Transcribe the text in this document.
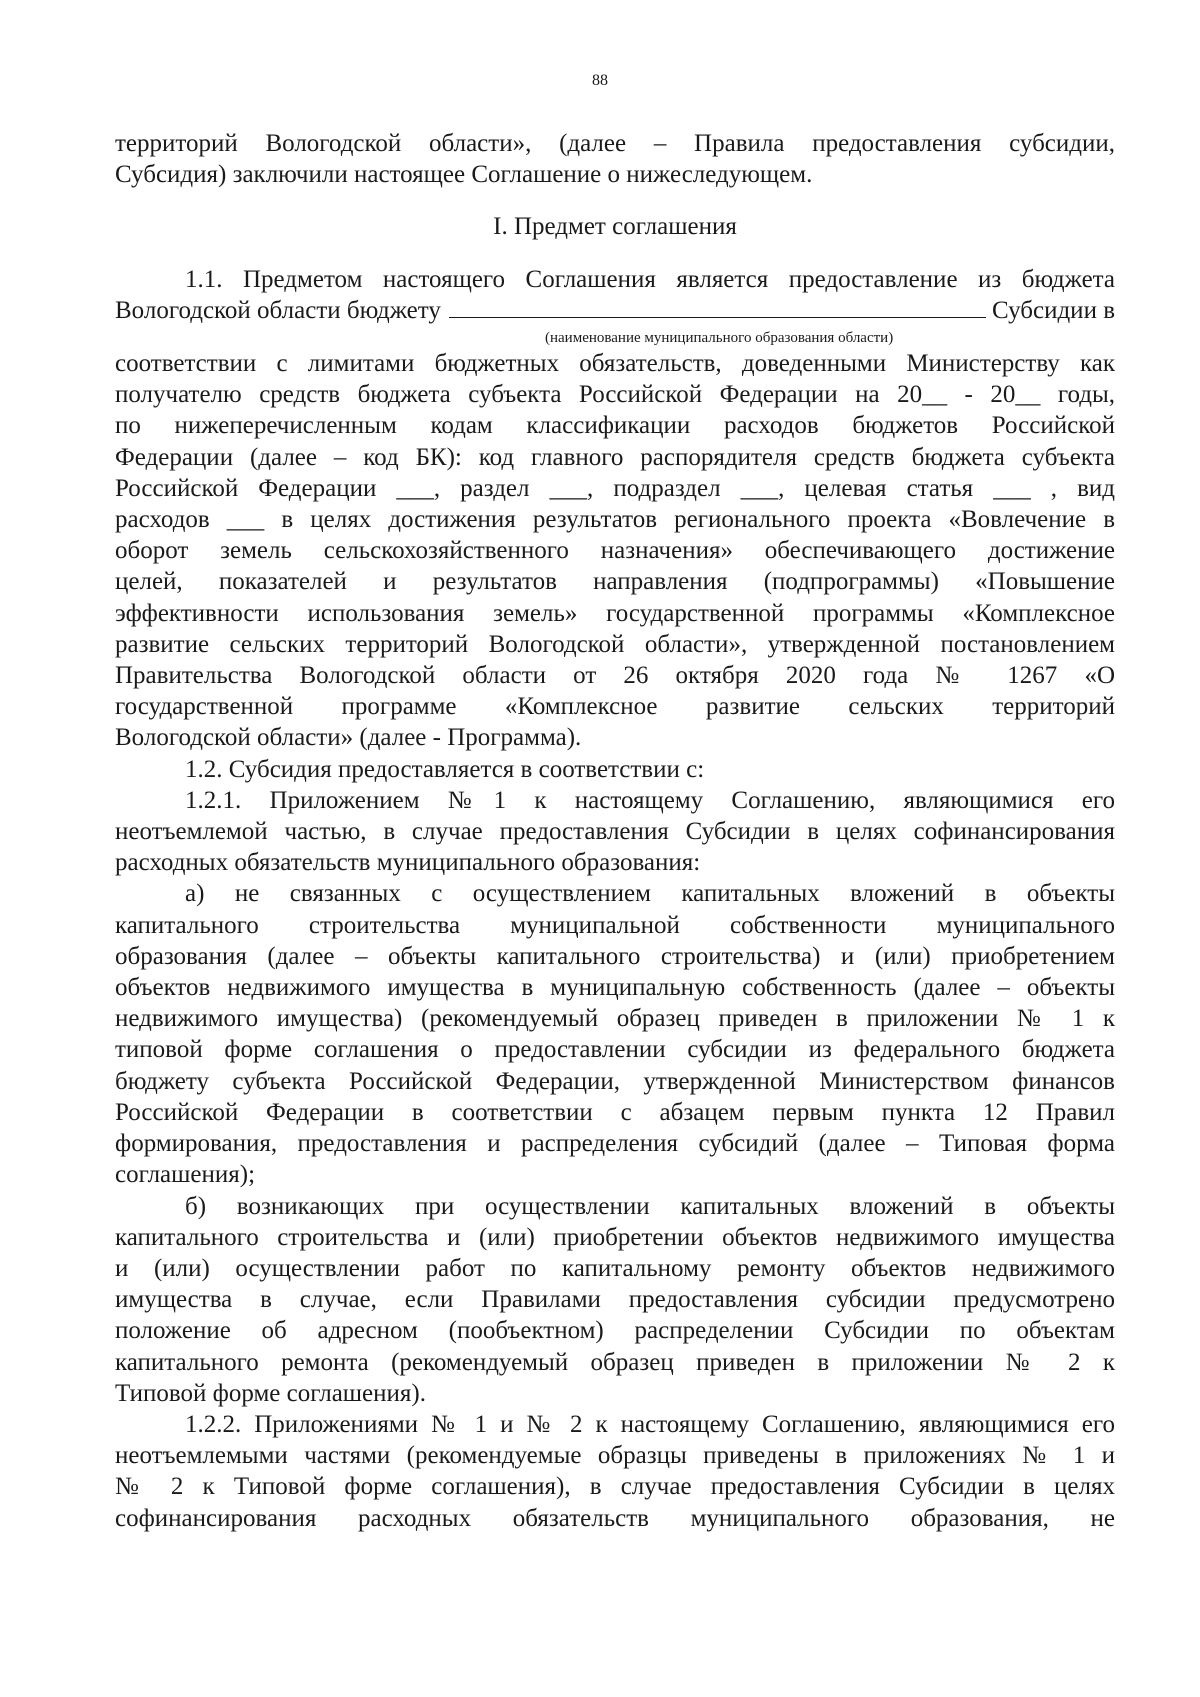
88

территорий Вологодской области», (далее – Правила предоставления субсидии,

Субсидия) заключили настоящее Соглашение о нижеследующем.

I. Предмет соглашения

1.1. Предметом настоящего Соглашения является предоставление из бюджета

Вологодской области бюджету	Субсидии в

(наименование муниципального образования области)

соответствии с лимитами бюджетных обязательств, доведенными Министерству как

получателю средств бюджета субъекта Российской Федерации на 20__ - 20__ годы,

по нижеперечисленным кодам классификации расходов бюджетов Российской

Федерации (далее – код БК): код главного распорядителя средств бюджета субъекта

Российской Федерации ___, раздел ___, подраздел ___, целевая статья ___ , вид

расходов ___ в целях достижения результатов регионального проекта «Вовлечение в

оборот земель сельскохозяйственного назначения» обеспечивающего достижение

целей, показателей и результатов направления (подпрограммы) «Повышение

эффективности использования земель» государственной программы «Комплексное

развитие сельских территорий Вологодской области», утвержденной постановлением

Правительства Вологодской области от 26 октября 2020 года № 1267 «О

государственной программе «Комплексное развитие сельских территорий

Вологодской области» (далее - Программа).

1.2. Субсидия предоставляется в соответствии с:

1.2.1. Приложением №1 к настоящему Соглашению, являющимися его

неотъемлемой частью, в случае предоставления Субсидии в целях софинансирования

расходных обязательств муниципального образования:

а) не связанных с осуществлением капитальных вложений в объекты

капитального строительства муниципальной собственности муниципального

образования (далее – объекты капитального строительства) и (или) приобретением

объектов недвижимого имущества в муниципальную собственность (далее – объекты

недвижимого имущества) (рекомендуемый образец приведен в приложении № 1 к

типовой форме соглашения о предоставлении субсидии из федерального бюджета

бюджету субъекта Российской Федерации, утвержденной Министерством финансов

Российской Федерации в соответствии с абзацем первым пункта 12 Правил

формирования, предоставления и распределения субсидий (далее – Типовая форма

соглашения);

б) возникающих при осуществлении капитальных вложений в объекты

капитального строительства и (или) приобретении объектов недвижимого имущества

и (или) осуществлении работ по капитальному ремонту объектов недвижимого

имущества в случае, если Правилами предоставления субсидии предусмотрено

положение об адресном (пообъектном) распределении Субсидии по объектам

капитального ремонта (рекомендуемый образец приведен в приложении № 2 к

Типовой форме соглашения).

1.2.2. Приложениями № 1 и № 2 к настоящему Соглашению, являющимися его

неотъемлемыми частями (рекомендуемые образцы приведены в приложениях № 1 и

№ 2 к Типовой форме соглашения), в случае предоставления Субсидии в целях

софинансирования расходных обязательств муниципального образования, не
